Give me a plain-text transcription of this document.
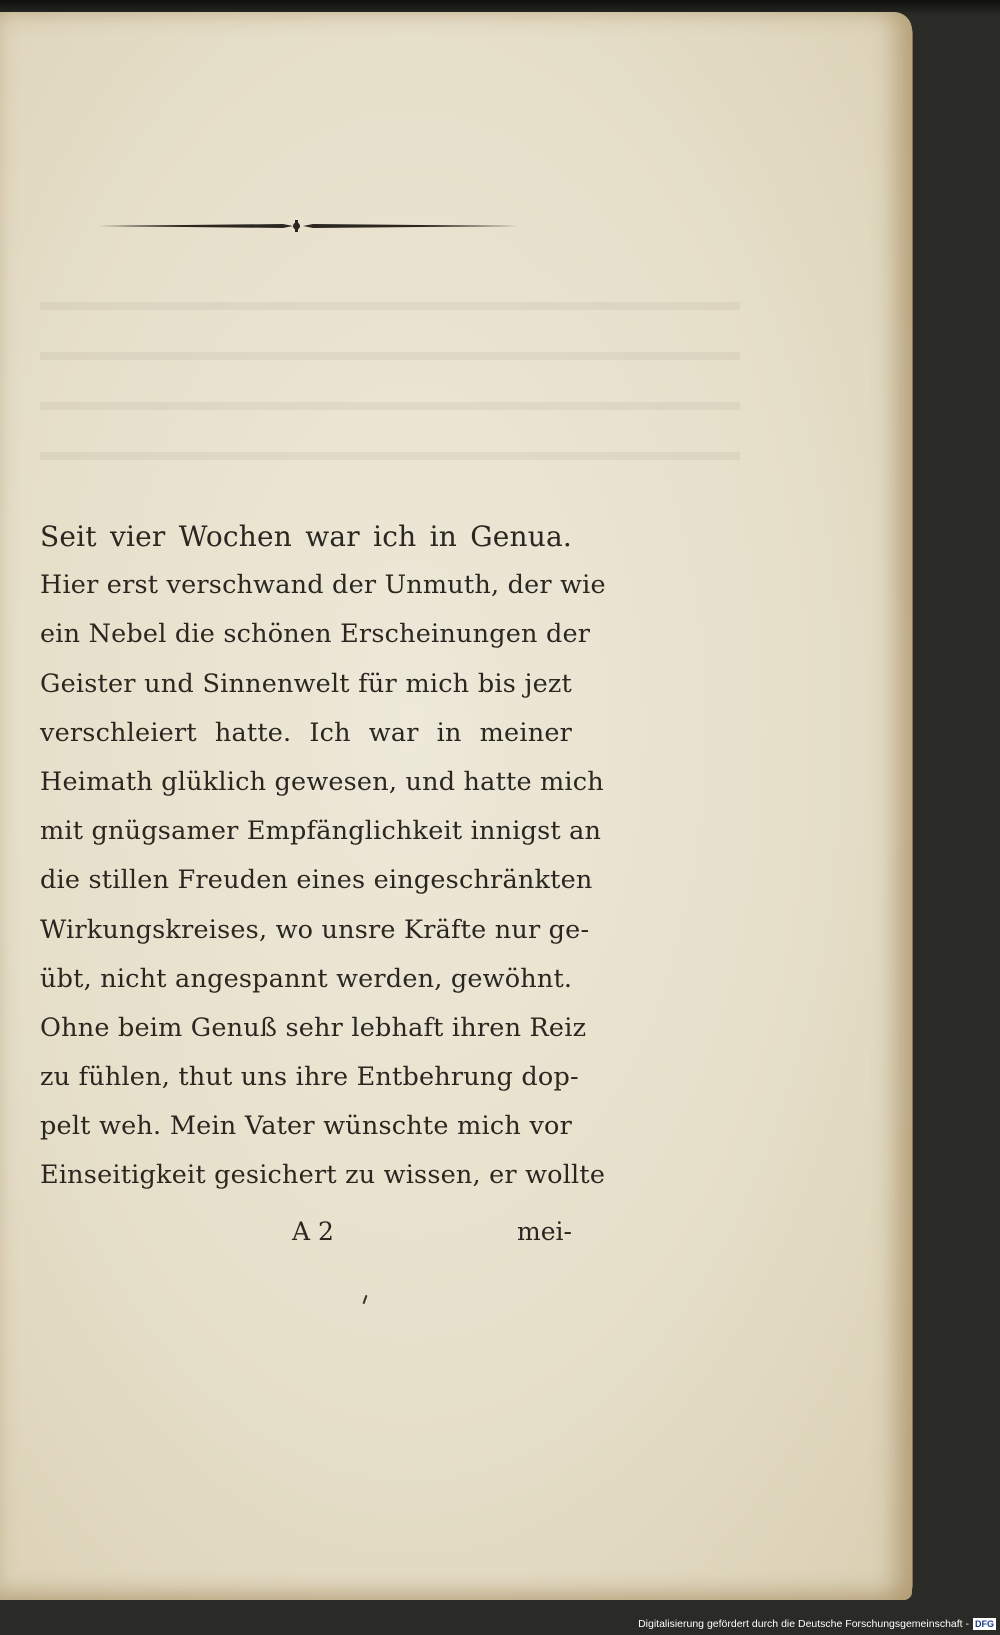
Seit vier Wochen war ich in Genua.
Hier erst verschwand der Unmuth, der wie
ein Nebel die schönen Erscheinungen der
Geister und Sinnenwelt für mich bis jezt
verschleiert hatte. Ich war in meiner
Heimath glüklich gewesen, und hatte mich
mit gnügsamer Empfänglichkeit innigst an
die stillen Freuden eines eingeschränkten
Wirkungskreises, wo unsre Kräfte nur ge-
übt, nicht angespannt werden, gewöhnt.
Ohne beim Genuß sehr lebhaft ihren Reiz
zu fühlen, thut uns ihre Entbehrung dop-
pelt weh. Mein Vater wünschte mich vor
Einseitigkeit gesichert zu wissen, er wollte
A 2	mei-
Digitalisierung gefördert durch die Deutsche Forschungsgemeinschaft - DFG
